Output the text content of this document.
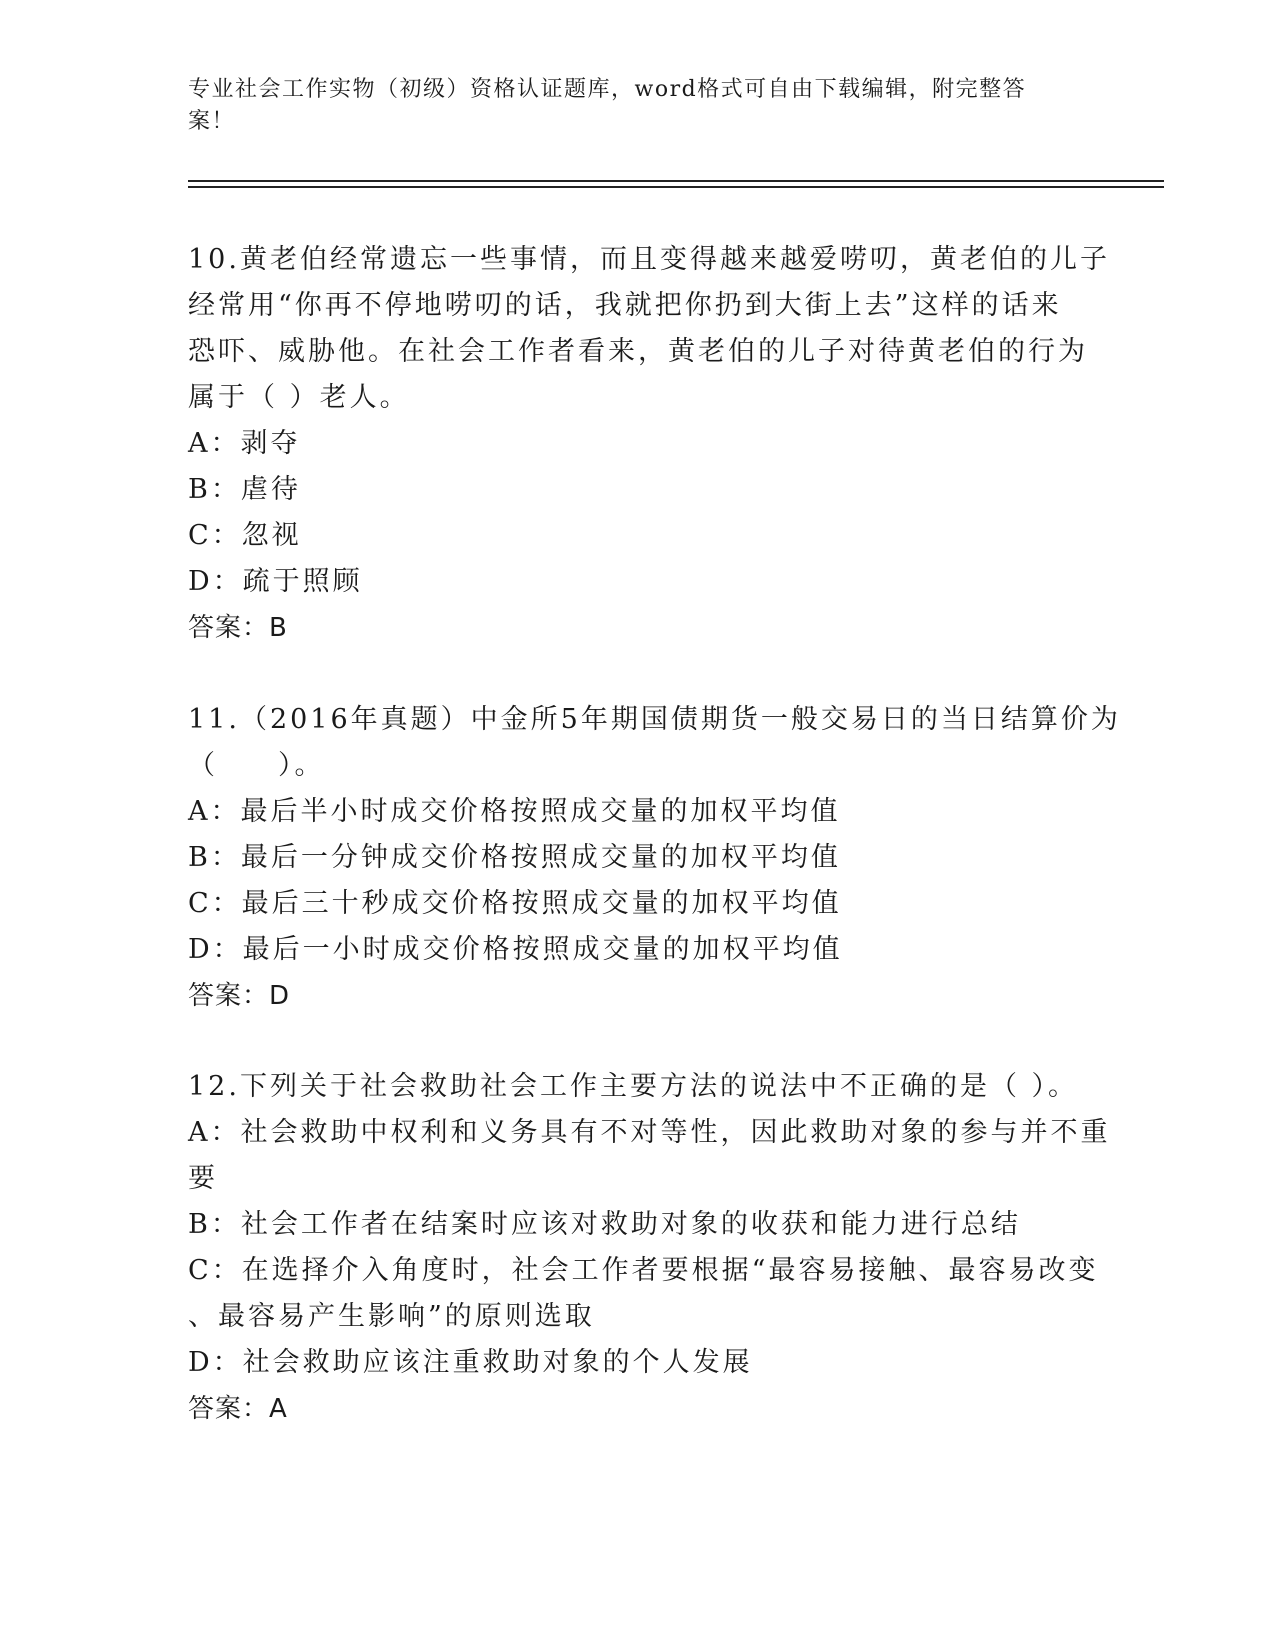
专业社会工作实物（初级）资格认证题库，word格式可自由下载编辑，附完整答
案！
10.黄老伯经常遗忘一些事情，而且变得越来越爱唠叨，黄老伯的儿子
经常用“你再不停地唠叨的话，我就把你扔到大街上去”这样的话来
恐吓、威胁他。在社会工作者看来，黄老伯的儿子对待黄老伯的行为
属于（ ）老人。
A：剥夺
B：虐待
C：忽视
D：疏于照顾
答案：B
11.（2016年真题）中金所5年期国债期货一般交易日的当日结算价为
（　　）。
A：最后半小时成交价格按照成交量的加权平均值
B：最后一分钟成交价格按照成交量的加权平均值
C：最后三十秒成交价格按照成交量的加权平均值
D：最后一小时成交价格按照成交量的加权平均值
答案：D
12.下列关于社会救助社会工作主要方法的说法中不正确的是（ ）。
A：社会救助中权利和义务具有不对等性，因此救助对象的参与并不重
要
B：社会工作者在结案时应该对救助对象的收获和能力进行总结
C：在选择介入角度时，社会工作者要根据“最容易接触、最容易改变
、最容易产生影响”的原则选取
D：社会救助应该注重救助对象的个人发展
答案：A
